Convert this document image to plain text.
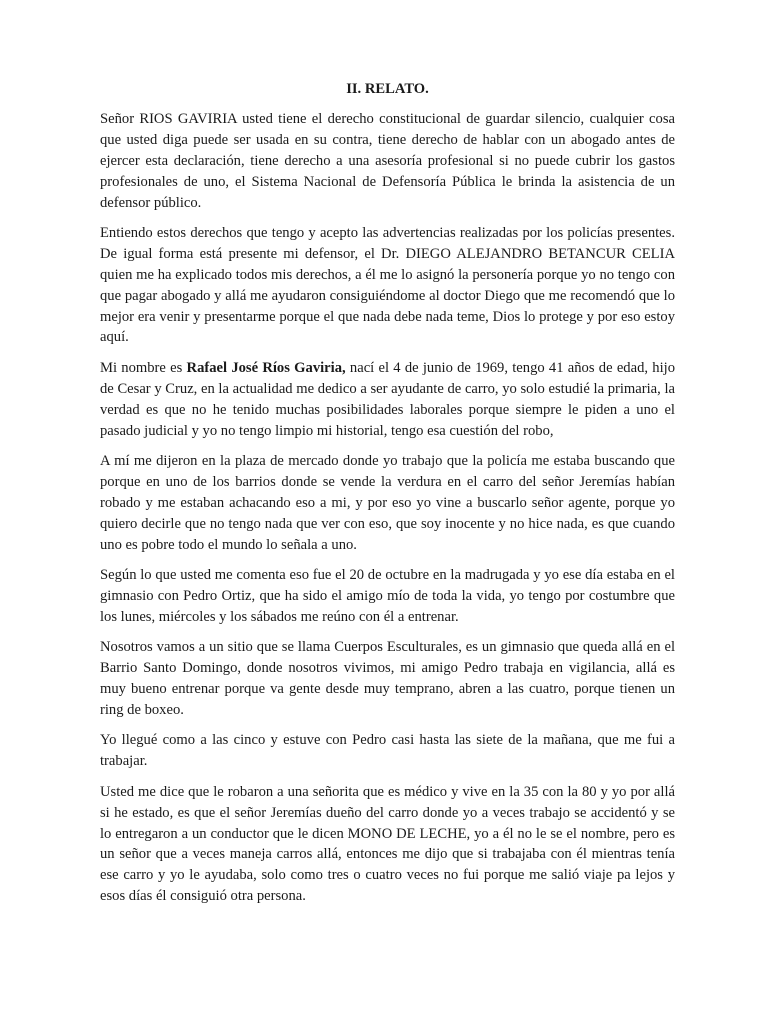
II. RELATO.

Señor RIOS GAVIRIA usted tiene el derecho constitucional de guardar silencio, cualquier cosa que usted diga puede ser usada en su contra, tiene derecho de hablar con un abogado antes de ejercer esta declaración, tiene derecho a una asesoría profesional si no puede cubrir los gastos profesionales de uno, el Sistema Nacional de Defensoría Pública le brinda la asistencia de un defensor público.

Entiendo estos derechos que tengo y acepto las advertencias realizadas por los policías presentes. De igual forma está presente mi defensor, el Dr. DIEGO ALEJANDRO BETANCUR CELIA quien me ha explicado todos mis derechos, a él me lo asignó la personería porque yo no tengo con que pagar abogado y allá me ayudaron consiguiéndome al doctor Diego que me recomendó que lo mejor era venir y presentarme porque el que nada debe nada teme, Dios lo protege y por eso estoy aquí.

Mi nombre es Rafael José Ríos Gaviria, nací el 4 de junio de 1969, tengo 41 años de edad, hijo de Cesar y Cruz, en la actualidad me dedico a ser ayudante de carro, yo solo estudié la primaria, la verdad es que no he tenido muchas posibilidades laborales porque siempre le piden a uno el pasado judicial y yo no tengo limpio mi historial, tengo esa cuestión del robo,

A mí me dijeron en la plaza de mercado donde yo trabajo que la policía me estaba buscando que porque en uno de los barrios donde se vende la verdura en el carro del señor Jeremías habían robado y me estaban achacando eso a mi, y por eso yo vine a buscarlo señor agente, porque yo quiero decirle que no tengo nada que ver con eso, que soy inocente y no hice nada, es que cuando uno es pobre todo el mundo lo señala a uno.

Según lo que usted me comenta eso fue el 20 de octubre en la madrugada y yo ese día estaba en el gimnasio con Pedro Ortiz, que ha sido el amigo mío de toda la vida, yo tengo por costumbre que los lunes, miércoles y los sábados me reúno con él a entrenar.

Nosotros vamos a un sitio que se llama Cuerpos Esculturales, es un gimnasio que queda allá en el Barrio Santo Domingo, donde nosotros vivimos, mi amigo Pedro trabaja en vigilancia, allá es muy bueno entrenar porque va gente desde muy temprano, abren a las cuatro, porque tienen un ring de boxeo.

Yo llegué como a las cinco y estuve con Pedro casi hasta las siete de la mañana, que me fui a trabajar.

Usted me dice que le robaron a una señorita que es médico y vive en la 35 con la 80 y yo por allá si he estado, es que el señor Jeremías dueño del carro donde yo a veces trabajo se accidentó y se lo entregaron a un conductor que le dicen MONO DE LECHE, yo a él no le se el nombre, pero es un señor que a veces maneja carros allá, entonces me dijo que si trabajaba con él mientras tenía ese carro y yo le ayudaba, solo como tres o cuatro veces no fui porque me salió viaje pa lejos y esos días él consiguió otra persona.
